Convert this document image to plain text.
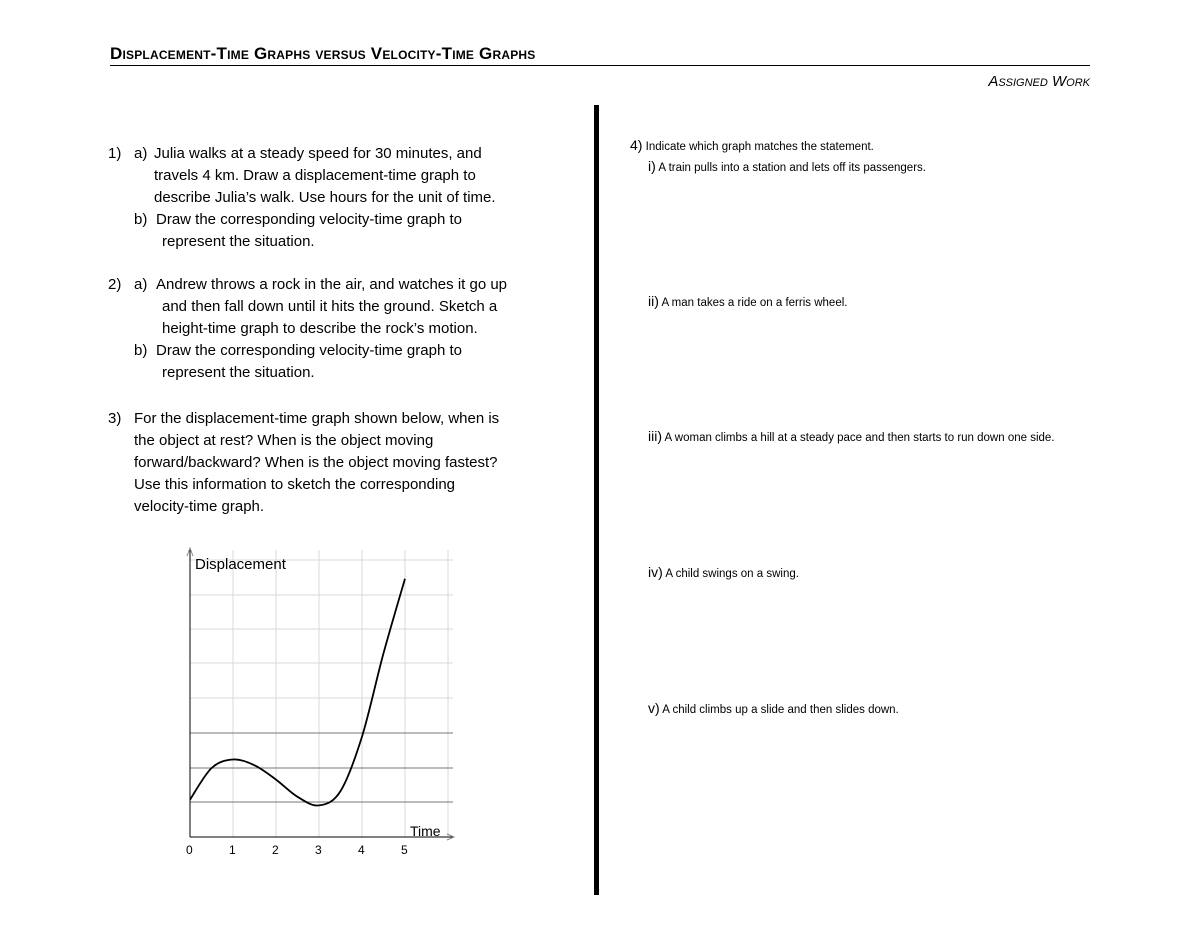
Displacement-Time Graphs versus Velocity-Time Graphs
Assigned Work
1) a) Julia walks at a steady speed for 30 minutes, and
travels 4 km. Draw a displacement-time graph to

describe Julia’s walk. Use hours for the unit of time.

b) Draw the corresponding velocity-time graph to

represent the situation.

2) a) Andrew throws a rock in the air, and watches it go up
and then fall down until it hits the ground. Sketch a

height-time graph to describe the rock’s motion.

b) Draw the corresponding velocity-time graph to

represent the situation.

3) For the displacement-time graph shown below, when is
the object at rest? When is the object moving

forward/backward? When is the object moving fastest?

Use this information to sketch the corresponding

velocity-time graph.

Displacement
Time
0	1	2	3	4	5
4) Indicate which graph matches the statement.
i) A train pulls into a station and lets off its passengers.
ii) A man takes a ride on a ferris wheel.
iii) A woman climbs a hill at a steady pace and then starts to run down one side.
iv) A child swings on a swing.
v) A child climbs up a slide and then slides down.
